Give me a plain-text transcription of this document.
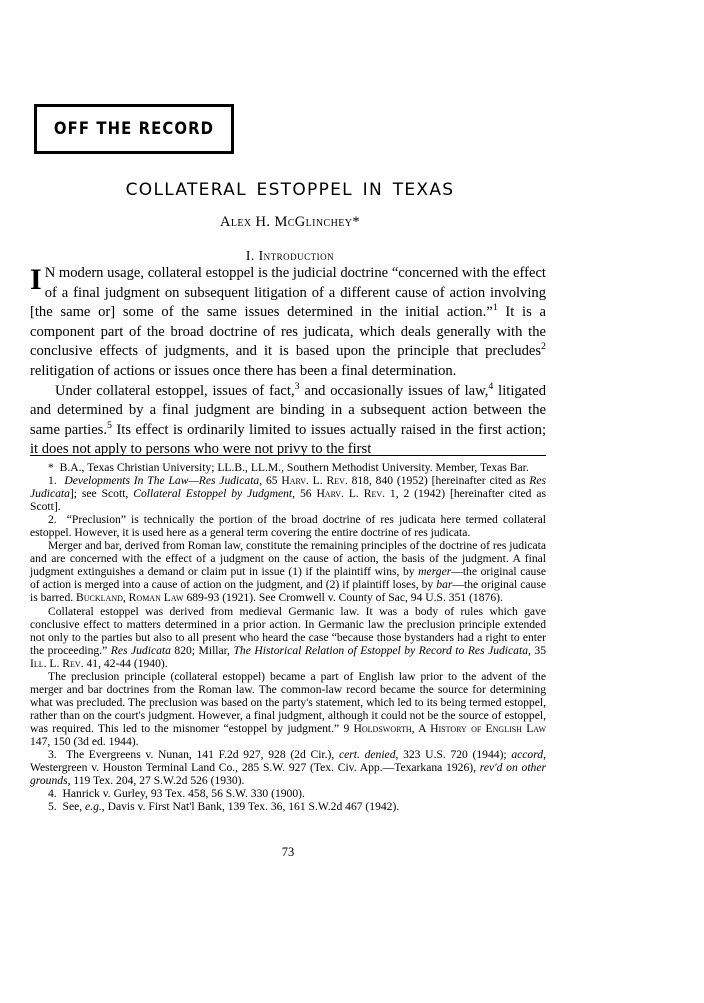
OFF THE RECORD
COLLATERAL ESTOPPEL IN TEXAS
Alex H. McGlinchey*
I. Introduction

I N modern usage, collateral estoppel is the judicial doctrine “concerned with the effect of a final judgment on subsequent litigation of a different cause of action involving [the same or] some of the same issues determined in the initial action.”$^1$ It is a component part of the broad doctrine of res judicata, which deals generally with the conclusive effects of judgments, and it is based upon the principle that precludes$^2$ relitigation of actions or issues once there has been a final determination.

Under collateral estoppel, issues of fact,$^3$ and occasionally issues of law,$^4$ litigated and determined by a final judgment are binding in a subsequent action between the same parties.$^5$ Its effect is ordinarily limited to issues actually raised in the first action; it does not apply to persons who were not privy to the first

* B.A., Texas Christian University; LL.B., LL.M., Southern Methodist University. Member, Texas Bar.

1. Developments In The Law—Res Judicata, 65 Harv. L. Rev. 818, 840 (1952) [hereinafter cited as Res Judicata]; see Scott, Collateral Estoppel by Judgment, 56 Harv. L. Rev. 1, 2 (1942) [hereinafter cited as Scott].

2. “Preclusion” is technically the portion of the broad doctrine of res judicata here termed collateral estoppel. However, it is used here as a general term covering the entire doctrine of res judicata.

Merger and bar, derived from Roman law, constitute the remaining principles of the doctrine of res judicata and are concerned with the effect of a judgment on the cause of action, the basis of the judgment. A final judgment extinguishes a demand or claim put in issue (1) if the plaintiff wins, by merger—the original cause of action is merged into a cause of action on the judgment, and (2) if plaintiff loses, by bar—the original cause is barred. Buckland, Roman Law 689-93 (1921). See Cromwell v. County of Sac, 94 U.S. 351 (1876).

Collateral estoppel was derived from medieval Germanic law. It was a body of rules which gave conclusive effect to matters determined in a prior action. In Germanic law the preclusion principle extended not only to the parties but also to all present who heard the case “because those bystanders had a right to enter the proceeding.” Res Judicata 820; Millar, The Historical Relation of Estoppel by Record to Res Judicata, 35 Ill. L. Rev. 41, 42-44 (1940).

The preclusion principle (collateral estoppel) became a part of English law prior to the advent of the merger and bar doctrines from the Roman law. The common-law record became the source for determining what was precluded. The preclusion was based on the party's statement, which led to its being termed estoppel, rather than on the court's judgment. However, a final judgment, although it could not be the source of estoppel, was required. This led to the misnomer “estoppel by judgment.” 9 Holdsworth, A History of English Law 147, 150 (3d ed. 1944).

3. The Evergreens v. Nunan, 141 F.2d 927, 928 (2d Cir.), cert. denied, 323 U.S. 720 (1944); accord, Westergreen v. Houston Terminal Land Co., 285 S.W. 927 (Tex. Civ. App.—Texarkana 1926), rev'd on other grounds, 119 Tex. 204, 27 S.W.2d 526 (1930).

4. Hanrick v. Gurley, 93 Tex. 458, 56 S.W. 330 (1900).

5. See, e.g., Davis v. First Nat'l Bank, 139 Tex. 36, 161 S.W.2d 467 (1942).

73
